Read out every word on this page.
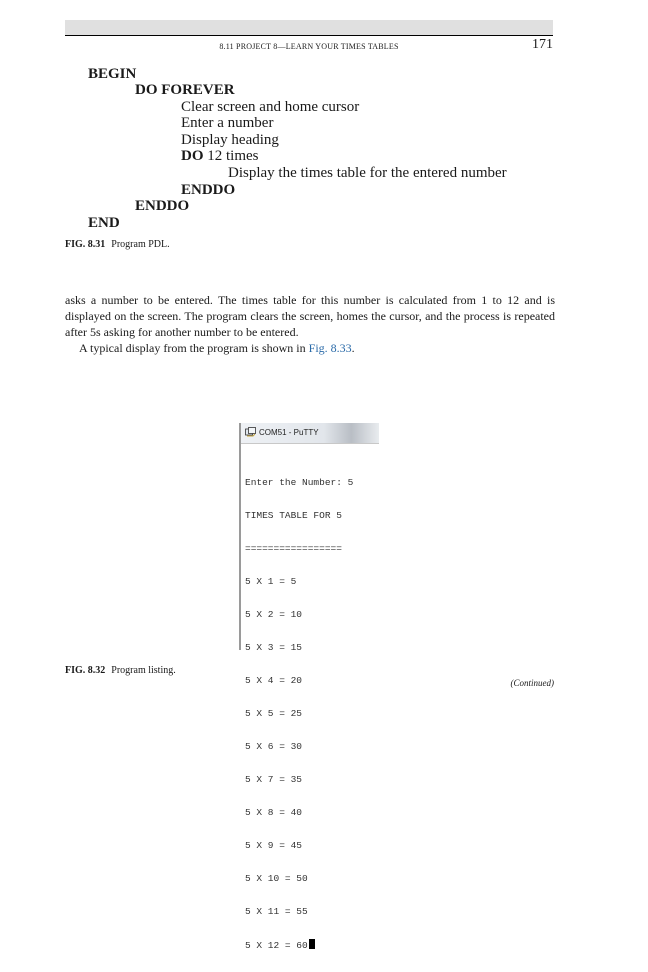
8.11 PROJECT 8—LEARN YOUR TIMES TABLES	171
BEGIN
DO FOREVER
Clear screen and home cursor
Enter a number
Display heading
DO 12 times
Display the times table for the entered number
ENDDO
ENDDO
END
FIG. 8.31 Program PDL.

asks a number to be entered. The times table for this number is calculated from 1 to 12 and is displayed on the screen. The program clears the screen, homes the cursor, and the process is repeated after 5s asking for another number to be entered.

A typical display from the program is shown in Fig. 8.33.

COM51 - PuTTY

Enter the Number: 5

TIMES TABLE FOR 5

=================

5 X 1 = 5

5 X 2 = 10

5 X 3 = 15

5 X 4 = 20

5 X 5 = 25

5 X 6 = 30

5 X 7 = 35

5 X 8 = 40

5 X 9 = 45

5 X 10 = 50

5 X 11 = 55

5 X 12 = 60

FIG. 8.32 Program listing.
(Continued)
